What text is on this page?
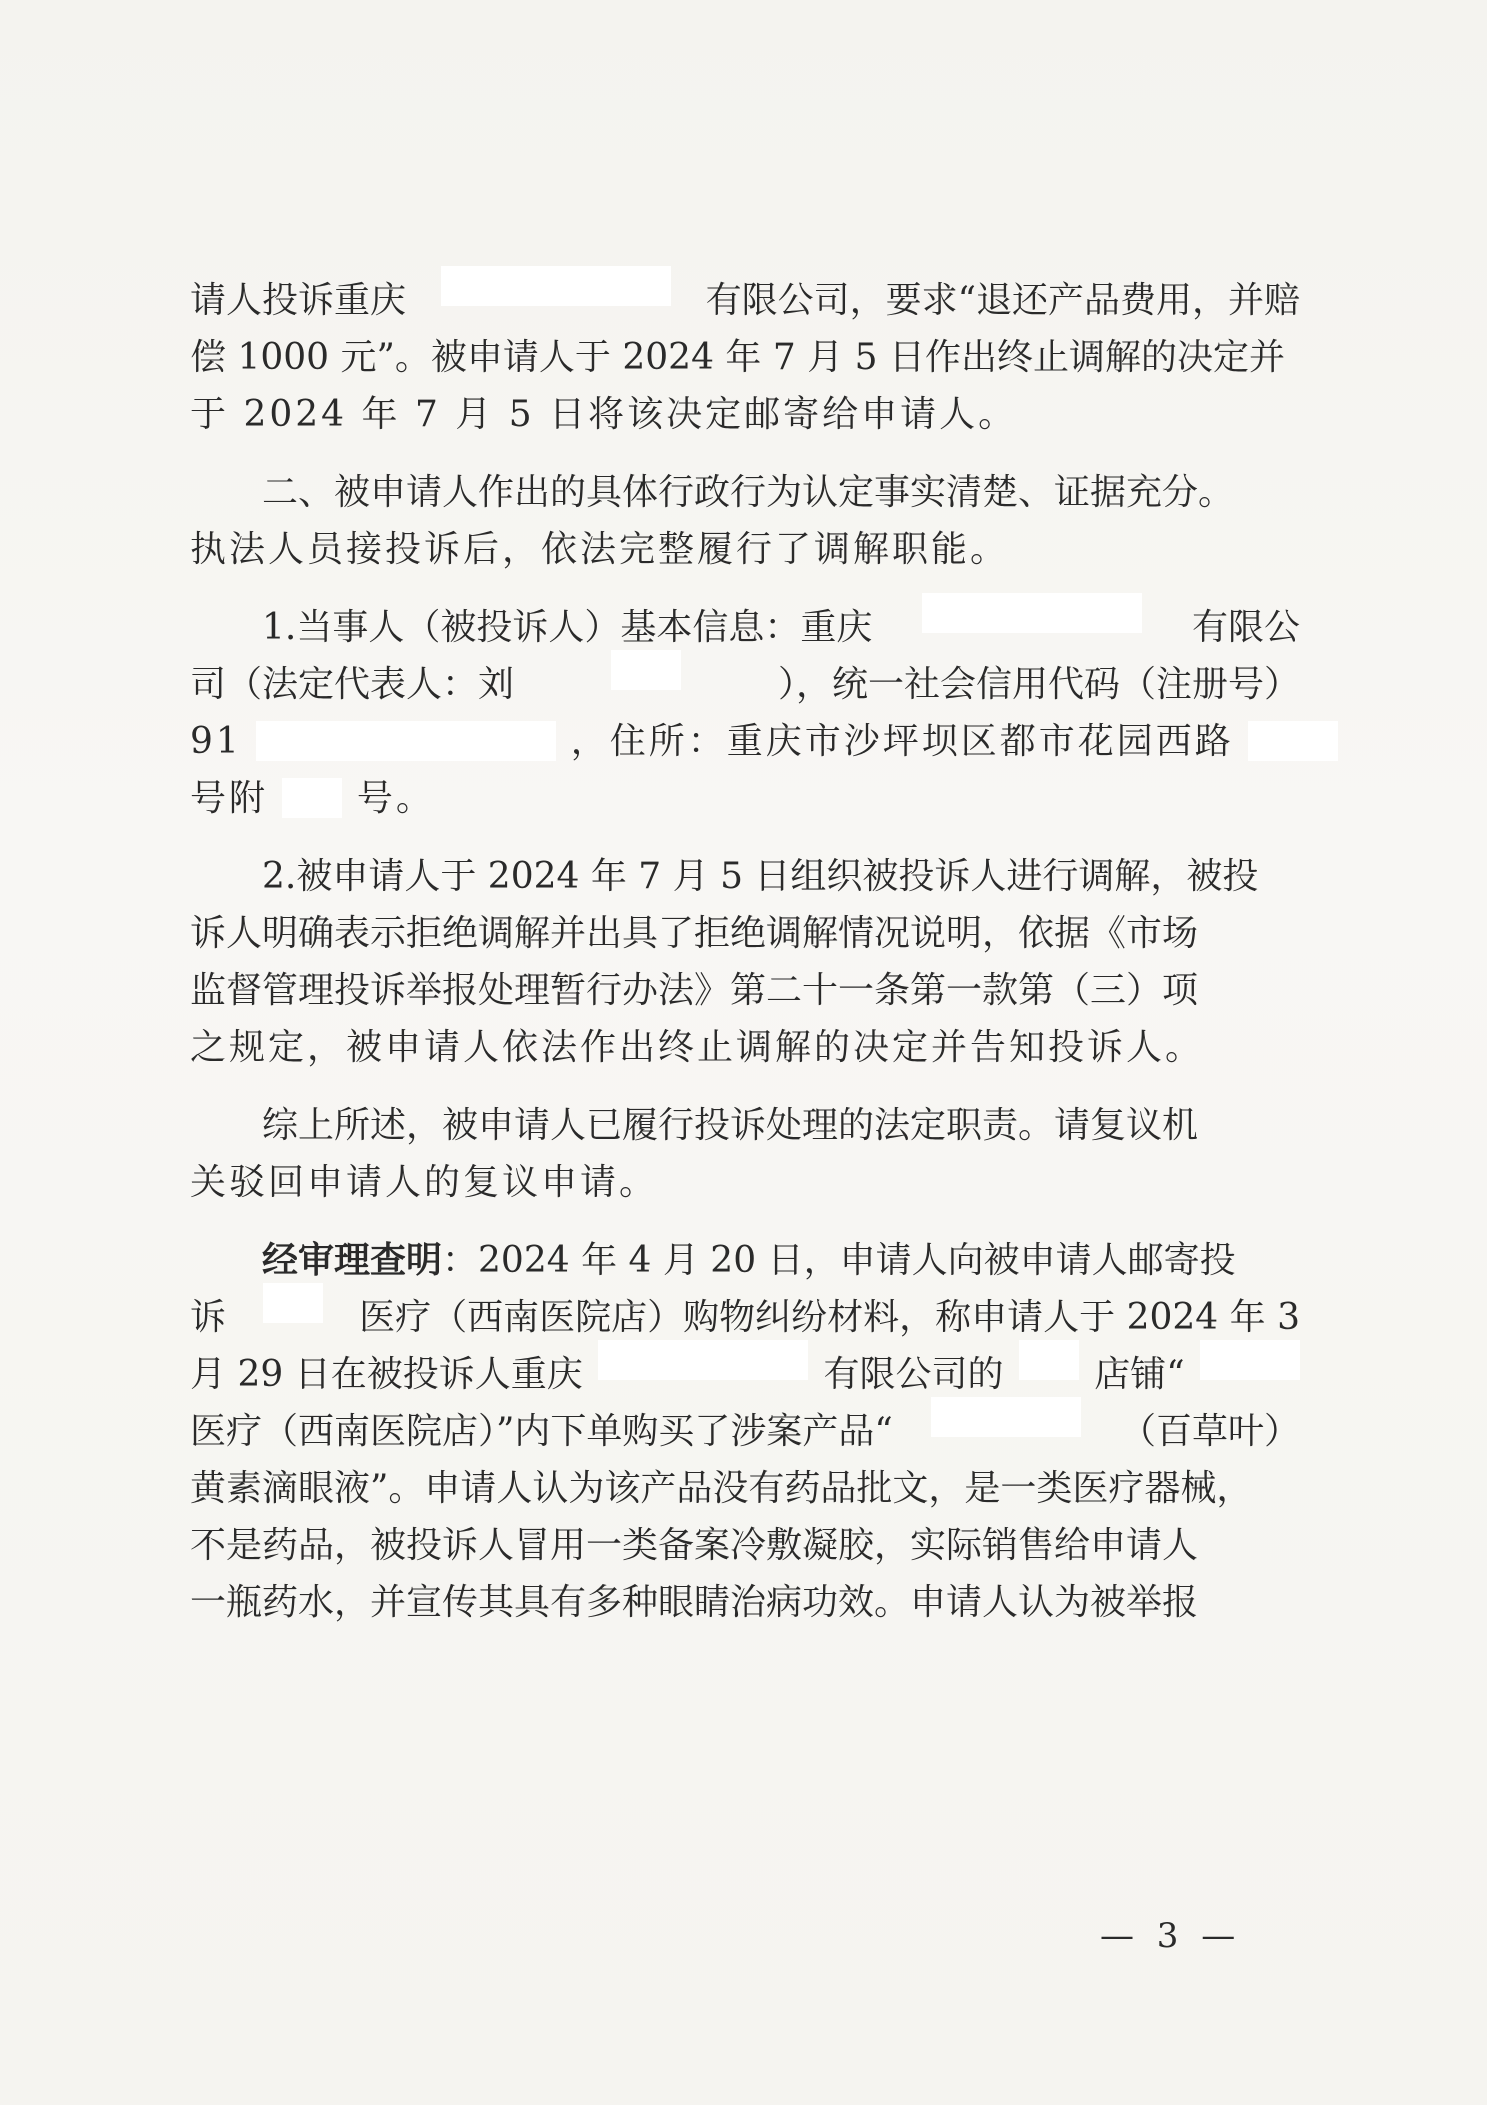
请人投诉重庆	有限公司，要求“退还产品费用，并赔
偿 1000 元”。被申请人于 2024 年 7 月 5 日作出终止调解的决定并
于 2024 年 7 月 5 日将该决定邮寄给申请人。
二、被申请人作出的具体行政行为认定事实清楚、证据充分。
执法人员接投诉后，依法完整履行了调解职能。
1.当事人（被投诉人）基本信息：重庆	有限公
司（法定代表人：刘	），统一社会信用代码（注册号）
91	，住所：重庆市沙坪坝区都市花园西路
号附 号。
2.被申请人于 2024 年 7 月 5 日组织被投诉人进行调解，被投
诉人明确表示拒绝调解并出具了拒绝调解情况说明，依据《市场
监督管理投诉举报处理暂行办法》第二十一条第一款第（三）项
之规定，被申请人依法作出终止调解的决定并告知投诉人。
综上所述，被申请人已履行投诉处理的法定职责。请复议机
关驳回申请人的复议申请。
经审理查明：2024 年 4 月 20 日，申请人向被申请人邮寄投
诉	医疗（西南医院店）购物纠纷材料，称申请人于 2024 年 3
月 29 日在被投诉人重庆	有限公司的	店铺“
医疗（西南医院店）”内下单购买了涉案产品“	（百草叶）
黄素滴眼液”。申请人认为该产品没有药品批文，是一类医疗器械，
不是药品，被投诉人冒用一类备案冷敷凝胶，实际销售给申请人
一瓶药水，并宣传其具有多种眼睛治病功效。申请人认为被举报
— 3 —
